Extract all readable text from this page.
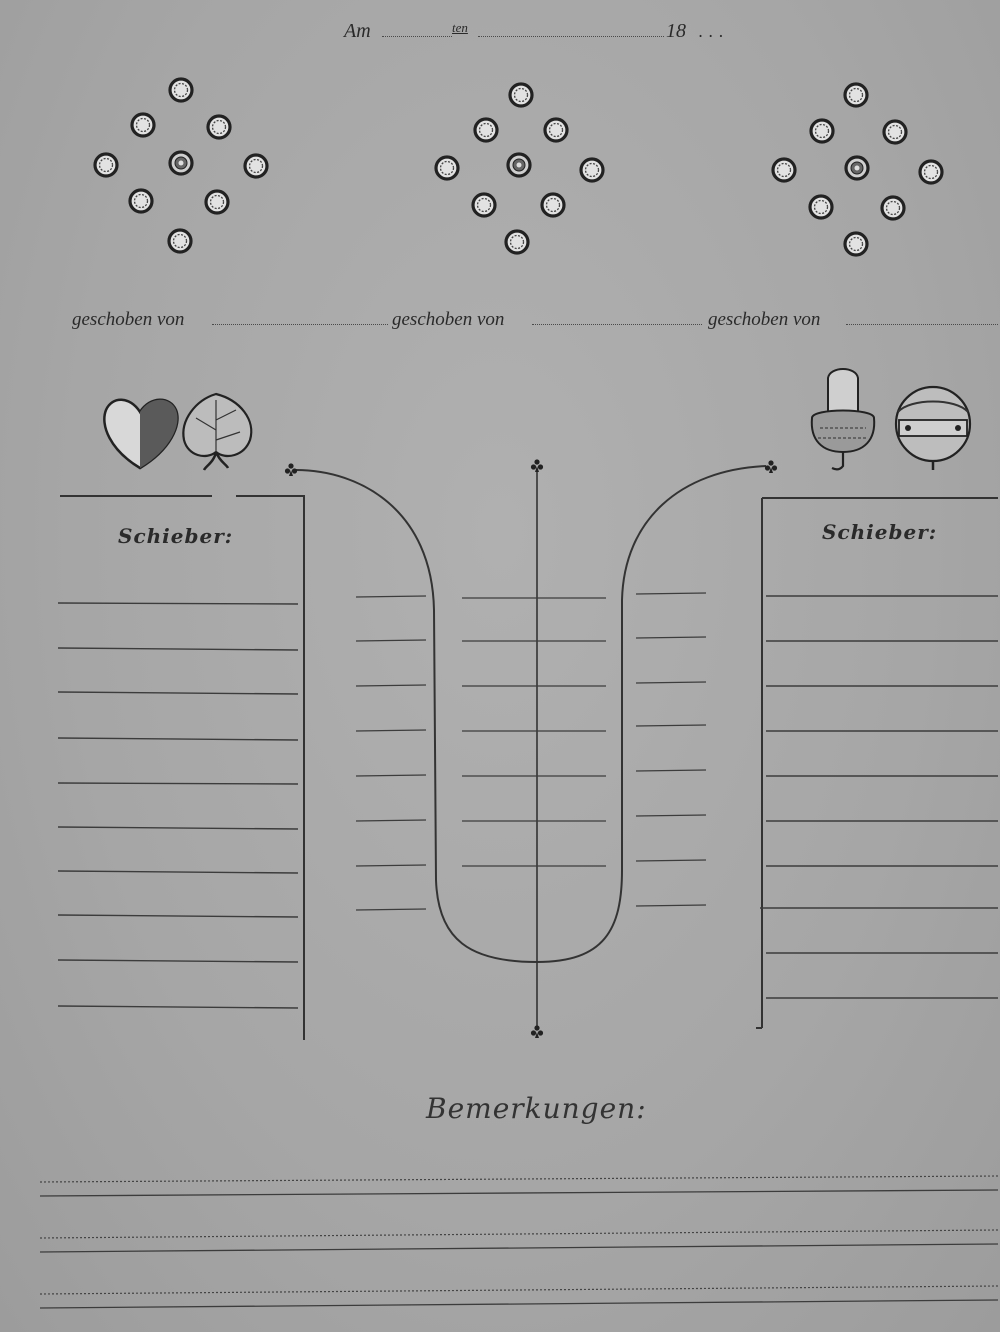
Am	ten	18 . . .
geschoben von	geschoben von	geschoben von
Schieber:	Schieber:
Bemerkungen:
